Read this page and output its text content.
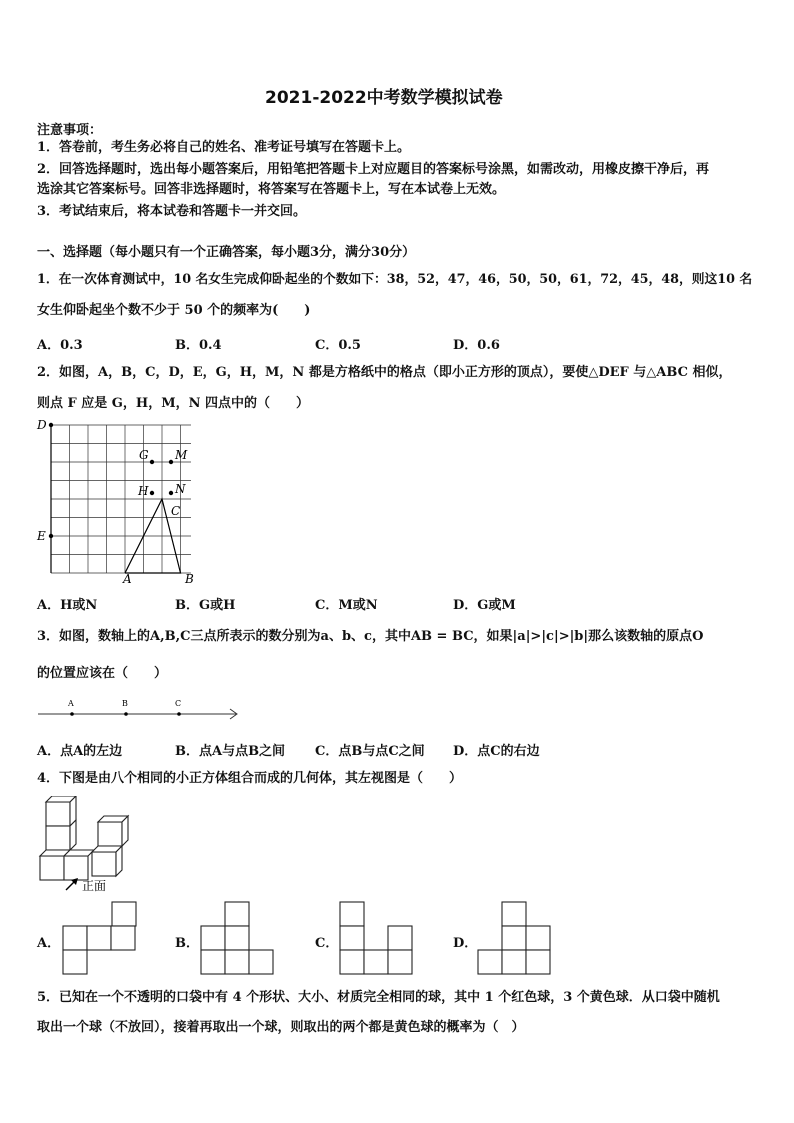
2021-2022中考数学模拟试卷
注意事项：
1．答卷前，考生务必将自己的姓名、准考证号填写在答题卡上。
2．回答选择题时，选出每小题答案后，用铅笔把答题卡上对应题目的答案标号涂黑，如需改动，用橡皮擦干净后，再
选涂其它答案标号。回答非选择题时，将答案写在答题卡上，写在本试卷上无效。
3．考试结束后，将本试卷和答题卡一并交回。
一、选择题（每小题只有一个正确答案，每小题3分，满分30分）
1．在一次体育测试中，10 名女生完成仰卧起坐的个数如下：38，52，47，46，50，50，61，72，45，48，则这10 名
女生仰卧起坐个数不少于 50 个的频率为(　　)
A．0.3	B．0.4	C．0.5	D．0.6
2．如图，A，B，C，D，E，G，H，M，N 都是方格纸中的格点（即小正方形的顶点），要使△DEF 与△ABC 相似，
则点 F 应是 G，H，M，N 四点中的（　　）
D
G M
H N
C
E
A	B
A．H或N	B．G或H	C．M或N	D．G或M
3．如图，数轴上的A,B,C三点所表示的数分别为a、b、c，其中AB = BC，如果|a|>|c|>|b|那么该数轴的原点O
的位置应该在（　　）
A	B	C
A．点A的左边	B．点A与点B之间 C．点B与点C之间 D．点C的右边
4．下图是由八个相同的小正方体组合而成的几何体，其左视图是（　　）
正面
A．	B．	C．	D．
5．已知在一个不透明的口袋中有 4 个形状、大小、材质完全相同的球，其中 1 个红色球，3 个黄色球．从口袋中随机
取出一个球（不放回），接着再取出一个球，则取出的两个都是黄色球的概率为（　）
